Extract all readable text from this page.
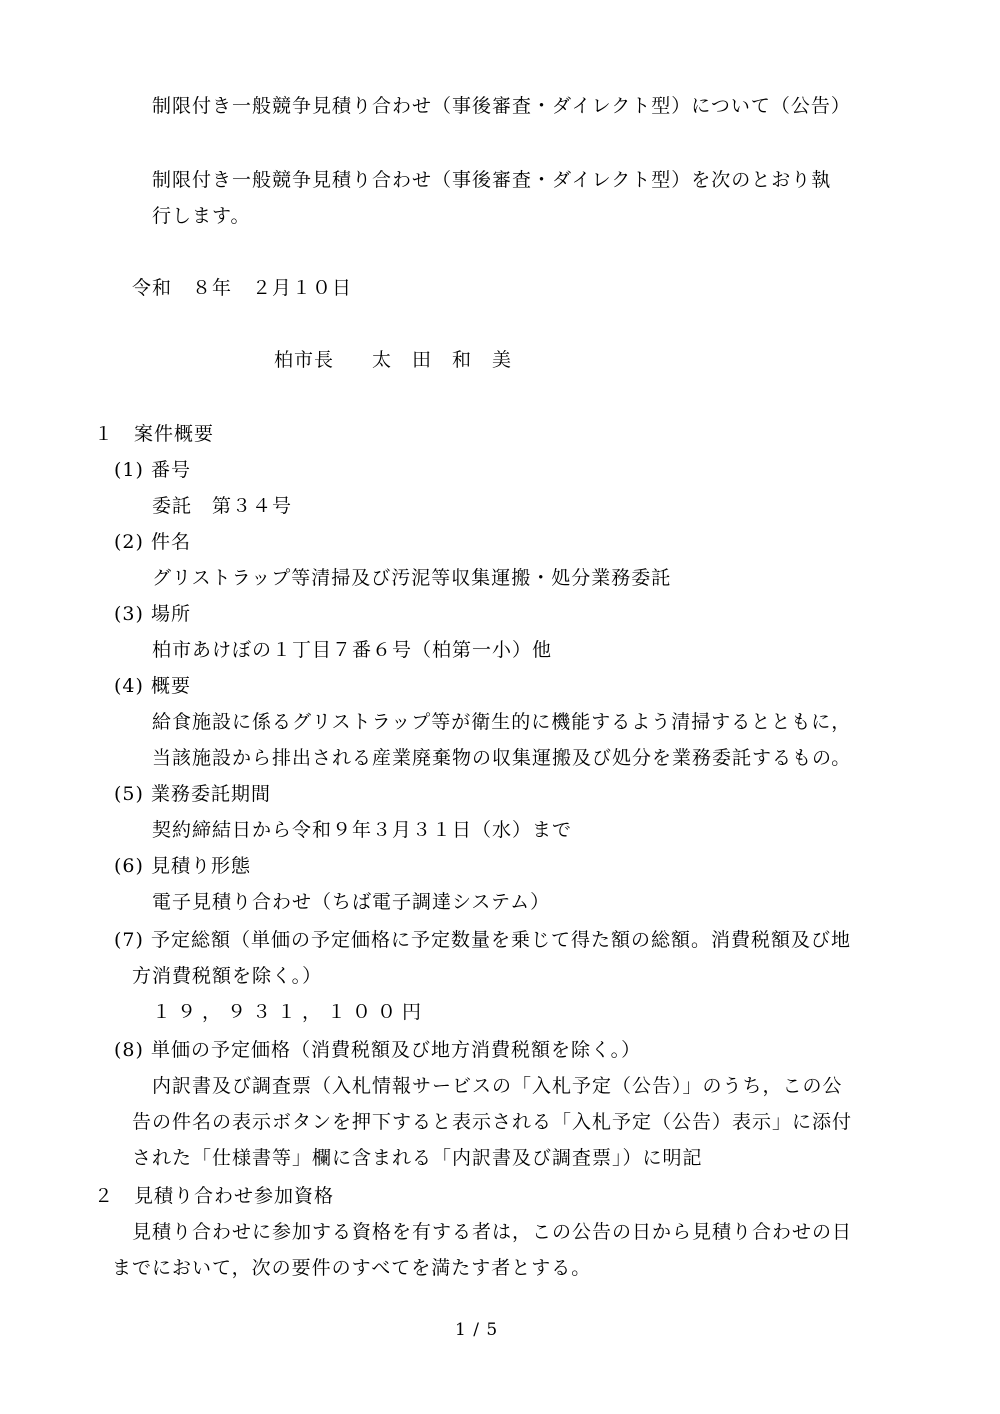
制限付き一般競争見積り合わせ（事後審査・ダイレクト型）について（公告）
制限付き一般競争見積り合わせ（事後審査・ダイレクト型）を次のとおり執
行します。
令和　８年　２月１０日
柏市長 太　田　和　美
１　案件概要
(1) 番号
委託　第３４号
(2) 件名
グリストラップ等清掃及び汚泥等収集運搬・処分業務委託
(3) 場所
柏市あけぼの１丁目７番６号（柏第一小）他
(4) 概要
給食施設に係るグリストラップ等が衛生的に機能するよう清掃するとともに，
当該施設から排出される産業廃棄物の収集運搬及び処分を業務委託するもの。
(5) 業務委託期間
契約締結日から令和９年３月３１日（水）まで
(6) 見積り形態
電子見積り合わせ（ちば電子調達システム）
(7) 予定総額（単価の予定価格に予定数量を乗じて得た額の総額。消費税額及び地
方消費税額を除く。）
１９，９３１，１００円
(8) 単価の予定価格（消費税額及び地方消費税額を除く。）
内訳書及び調査票（入札情報サービスの「入札予定（公告）」のうち，この公
告の件名の表示ボタンを押下すると表示される「入札予定（公告）表示」に添付
された「仕様書等」欄に含まれる「内訳書及び調査票」）に明記
２　見積り合わせ参加資格
見積り合わせに参加する資格を有する者は，この公告の日から見積り合わせの日
までにおいて，次の要件のすべてを満たす者とする。
1 / 5
